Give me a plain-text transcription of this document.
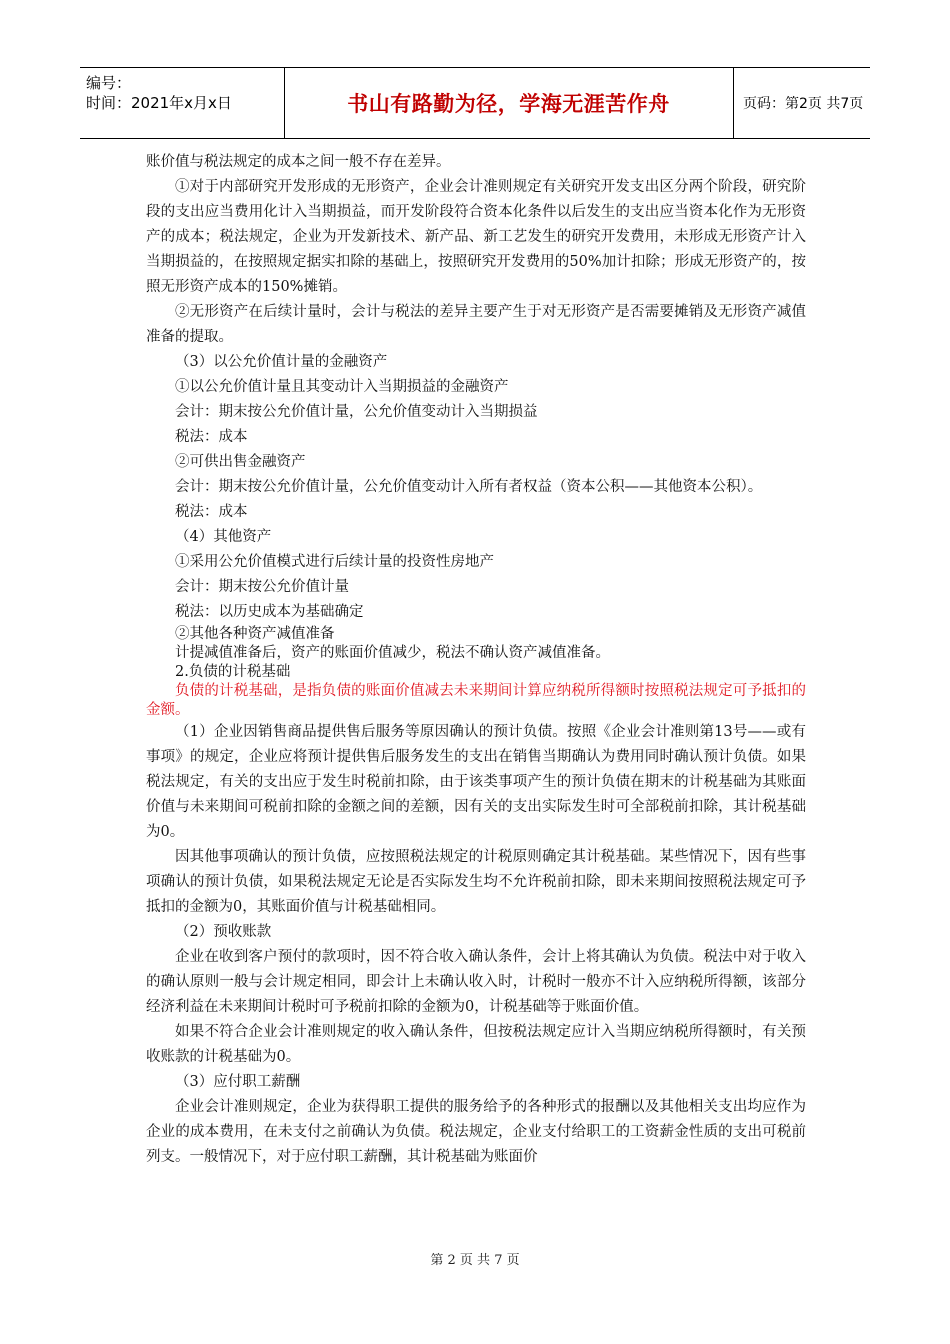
编号：
时间：2021年x月x日	书山有路勤为径，学海无涯苦作舟	页码：第2页 共7页

账价值与税法规定的成本之间一般不存在差异。

①对于内部研究开发形成的无形资产，企业会计准则规定有关研究开发支出区分两个阶段，研究阶段的支出应当费用化计入当期损益，而开发阶段符合资本化条件以后发生的支出应当资本化作为无形资产的成本；税法规定，企业为开发新技术、新产品、新工艺发生的研究开发费用，未形成无形资产计入当期损益的，在按照规定据实扣除的基础上，按照研究开发费用的50%加计扣除；形成无形资产的，按照无形资产成本的150%摊销。

②无形资产在后续计量时，会计与税法的差异主要产生于对无形资产是否需要摊销及无形资产减值准备的提取。

（3）以公允价值计量的金融资产

①以公允价值计量且其变动计入当期损益的金融资产

会计：期末按公允价值计量，公允价值变动计入当期损益

税法：成本

②可供出售金融资产

会计：期末按公允价值计量，公允价值变动计入所有者权益（资本公积——其他资本公积）。

税法：成本

（4）其他资产

①采用公允价值模式进行后续计量的投资性房地产

会计：期末按公允价值计量

税法：以历史成本为基础确定

②其他各种资产减值准备

计提减值准备后，资产的账面价值减少，税法不确认资产减值准备。

2.负债的计税基础

负债的计税基础，是指负债的账面价值减去未来期间计算应纳税所得额时按照税法规定可予抵扣的金额。

（1）企业因销售商品提供售后服务等原因确认的预计负债。按照《企业会计准则第13号——或有事项》的规定，企业应将预计提供售后服务发生的支出在销售当期确认为费用同时确认预计负债。如果税法规定，有关的支出应于发生时税前扣除，由于该类事项产生的预计负债在期末的计税基础为其账面价值与未来期间可税前扣除的金额之间的差额，因有关的支出实际发生时可全部税前扣除，其计税基础为0。

因其他事项确认的预计负债，应按照税法规定的计税原则确定其计税基础。某些情况下，因有些事项确认的预计负债，如果税法规定无论是否实际发生均不允许税前扣除，即未来期间按照税法规定可予抵扣的金额为0，其账面价值与计税基础相同。

（2）预收账款

企业在收到客户预付的款项时，因不符合收入确认条件，会计上将其确认为负债。税法中对于收入的确认原则一般与会计规定相同，即会计上未确认收入时，计税时一般亦不计入应纳税所得额，该部分经济利益在未来期间计税时可予税前扣除的金额为0，计税基础等于账面价值。

如果不符合企业会计准则规定的收入确认条件，但按税法规定应计入当期应纳税所得额时，有关预收账款的计税基础为0。

（3）应付职工薪酬

企业会计准则规定，企业为获得职工提供的服务给予的各种形式的报酬以及其他相关支出均应作为企业的成本费用，在未支付之前确认为负债。税法规定，企业支付给职工的工资薪金性质的支出可税前列支。一般情况下，对于应付职工薪酬，其计税基础为账面价

第 2 页 共 7 页
